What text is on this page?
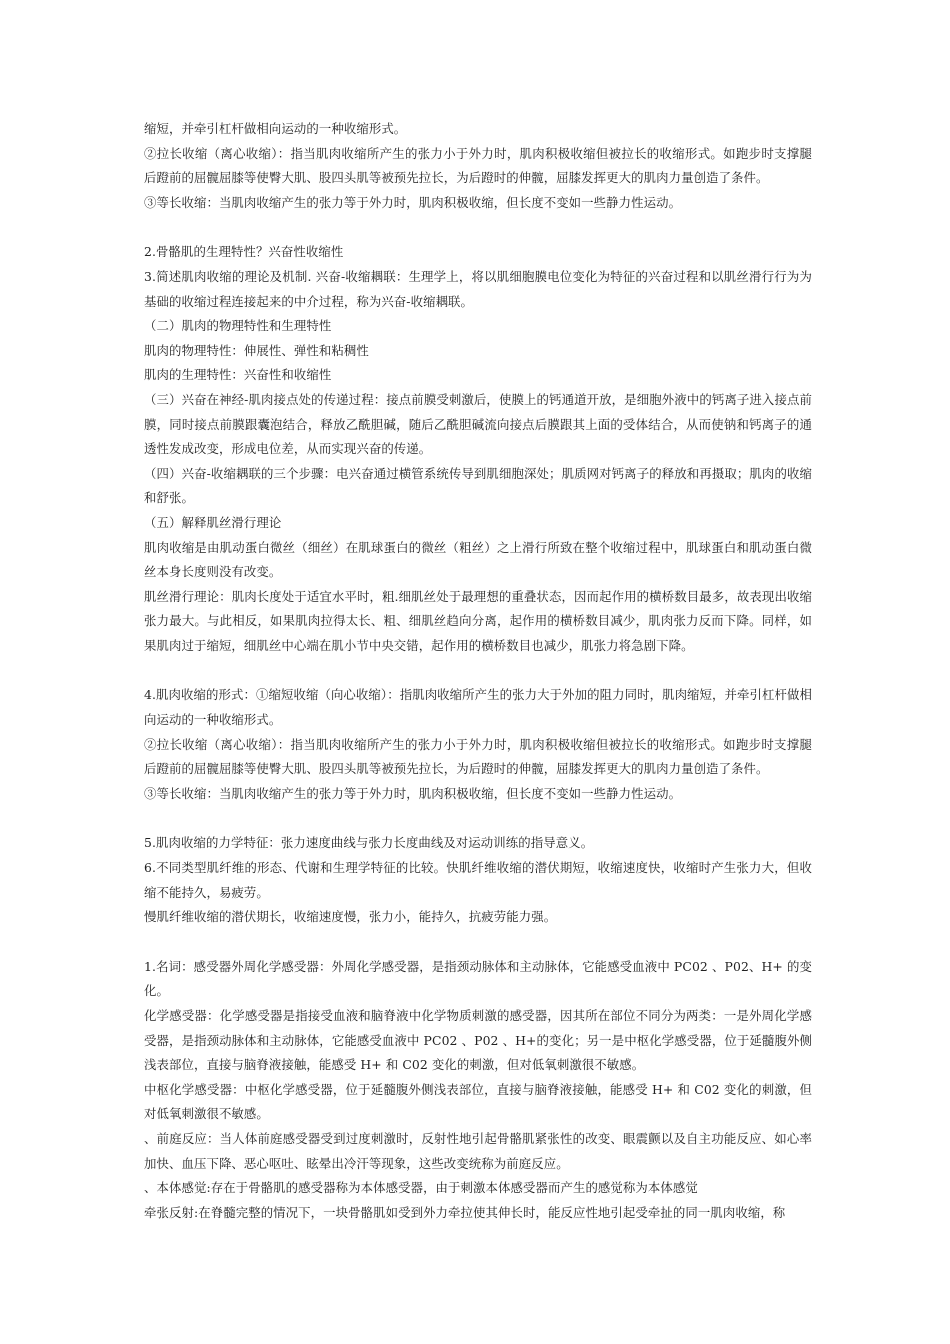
缩短，并牵引杠杆做相向运动的一种收缩形式。

②拉长收缩（离心收缩）：指当肌肉收缩所产生的张力小于外力时，肌肉积极收缩但被拉长的收缩形式。如跑步时支撑腿后蹬前的屈髋屈膝等使臀大肌、股四头肌等被预先拉长，为后蹬时的伸髋，屈膝发挥更大的肌肉力量创造了条件。

③等长收缩：当肌肉收缩产生的张力等于外力时，肌肉积极收缩，但长度不变如一些静力性运动。

2.骨骼肌的生理特性？兴奋性收缩性

3.简述肌肉收缩的理论及机制. 兴奋-收缩耦联：生理学上，将以肌细胞膜电位变化为特征的兴奋过程和以肌丝滑行行为为基础的收缩过程连接起来的中介过程，称为兴奋-收缩耦联。

（二）肌肉的物理特性和生理特性

肌肉的物理特性：伸展性、弹性和粘稠性

肌肉的生理特性：兴奋性和收缩性

（三）兴奋在神经-肌肉接点处的传递过程：接点前膜受刺激后，使膜上的钙通道开放，是细胞外液中的钙离子进入接点前膜，同时接点前膜跟囊泡结合，释放乙酰胆碱，随后乙酰胆碱流向接点后膜跟其上面的受体结合，从而使钠和钙离子的通透性发成改变，形成电位差，从而实现兴奋的传递。

（四）兴奋-收缩耦联的三个步骤：电兴奋通过横管系统传导到肌细胞深处；肌质网对钙离子的释放和再摄取；肌肉的收缩和舒张。

（五）解释肌丝滑行理论

肌肉收缩是由肌动蛋白微丝（细丝）在肌球蛋白的微丝（粗丝）之上滑行所致在整个收缩过程中，肌球蛋白和肌动蛋白微丝本身长度则没有改变。

肌丝滑行理论：肌肉长度处于适宜水平时，粗.细肌丝处于最理想的重叠状态，因而起作用的横桥数目最多，故表现出收缩张力最大。与此相反，如果肌肉拉得太长、粗、细肌丝趋向分离，起作用的横桥数目减少，肌肉张力反而下降。同样，如果肌肉过于缩短，细肌丝中心端在肌小节中央交错，起作用的横桥数目也减少，肌张力将急剧下降。

4.肌肉收缩的形式：①缩短收缩（向心收缩）：指肌肉收缩所产生的张力大于外加的阻力同时，肌肉缩短，并牵引杠杆做相向运动的一种收缩形式。

②拉长收缩（离心收缩）：指当肌肉收缩所产生的张力小于外力时，肌肉积极收缩但被拉长的收缩形式。如跑步时支撑腿后蹬前的屈髋屈膝等使臀大肌、股四头肌等被预先拉长，为后蹬时的伸髋，屈膝发挥更大的肌肉力量创造了条件。

③等长收缩：当肌肉收缩产生的张力等于外力时，肌肉积极收缩，但长度不变如一些静力性运动。

5.肌肉收缩的力学特征：张力速度曲线与张力长度曲线及对运动训练的指导意义。

6.不同类型肌纤维的形态、代谢和生理学特征的比较。快肌纤维收缩的潜伏期短，收缩速度快，收缩时产生张力大，但收缩不能持久，易疲劳。

慢肌纤维收缩的潜伏期长，收缩速度慢，张力小，能持久，抗疲劳能力强。

1.名词：感受器外周化学感受器：外周化学感受器，是指颈动脉体和主动脉体，它能感受血液中 PC02 、P02、H+ 的变化。

化学感受器：化学感受器是指接受血液和脑脊液中化学物质刺激的感受器，因其所在部位不同分为两类：一是外周化学感受器，是指颈动脉体和主动脉体，它能感受血液中 PC02 、P02 、H+的变化；另一是中枢化学感受器，位于延髓腹外侧浅表部位，直接与脑脊液接触，能感受 H+ 和 C02 变化的刺激，但对低氧刺激很不敏感。

中枢化学感受器：中枢化学感受器，位于延髓腹外侧浅表部位，直接与脑脊液接触，能感受 H+ 和 C02 变化的刺激，但对低氧刺激很不敏感。

、前庭反应：当人体前庭感受器受到过度刺激时，反射性地引起骨骼肌紧张性的改变、眼震颤以及自主功能反应、如心率加快、血压下降、恶心呕吐、眩晕出冷汗等现象，这些改变统称为前庭反应。

、本体感觉:存在于骨骼肌的感受器称为本体感受器，由于刺激本体感受器而产生的感觉称为本体感觉

牵张反射:在脊髓完整的情况下，一块骨骼肌如受到外力牵拉使其伸长时，能反应性地引起受牵扯的同一肌肉收缩，称
